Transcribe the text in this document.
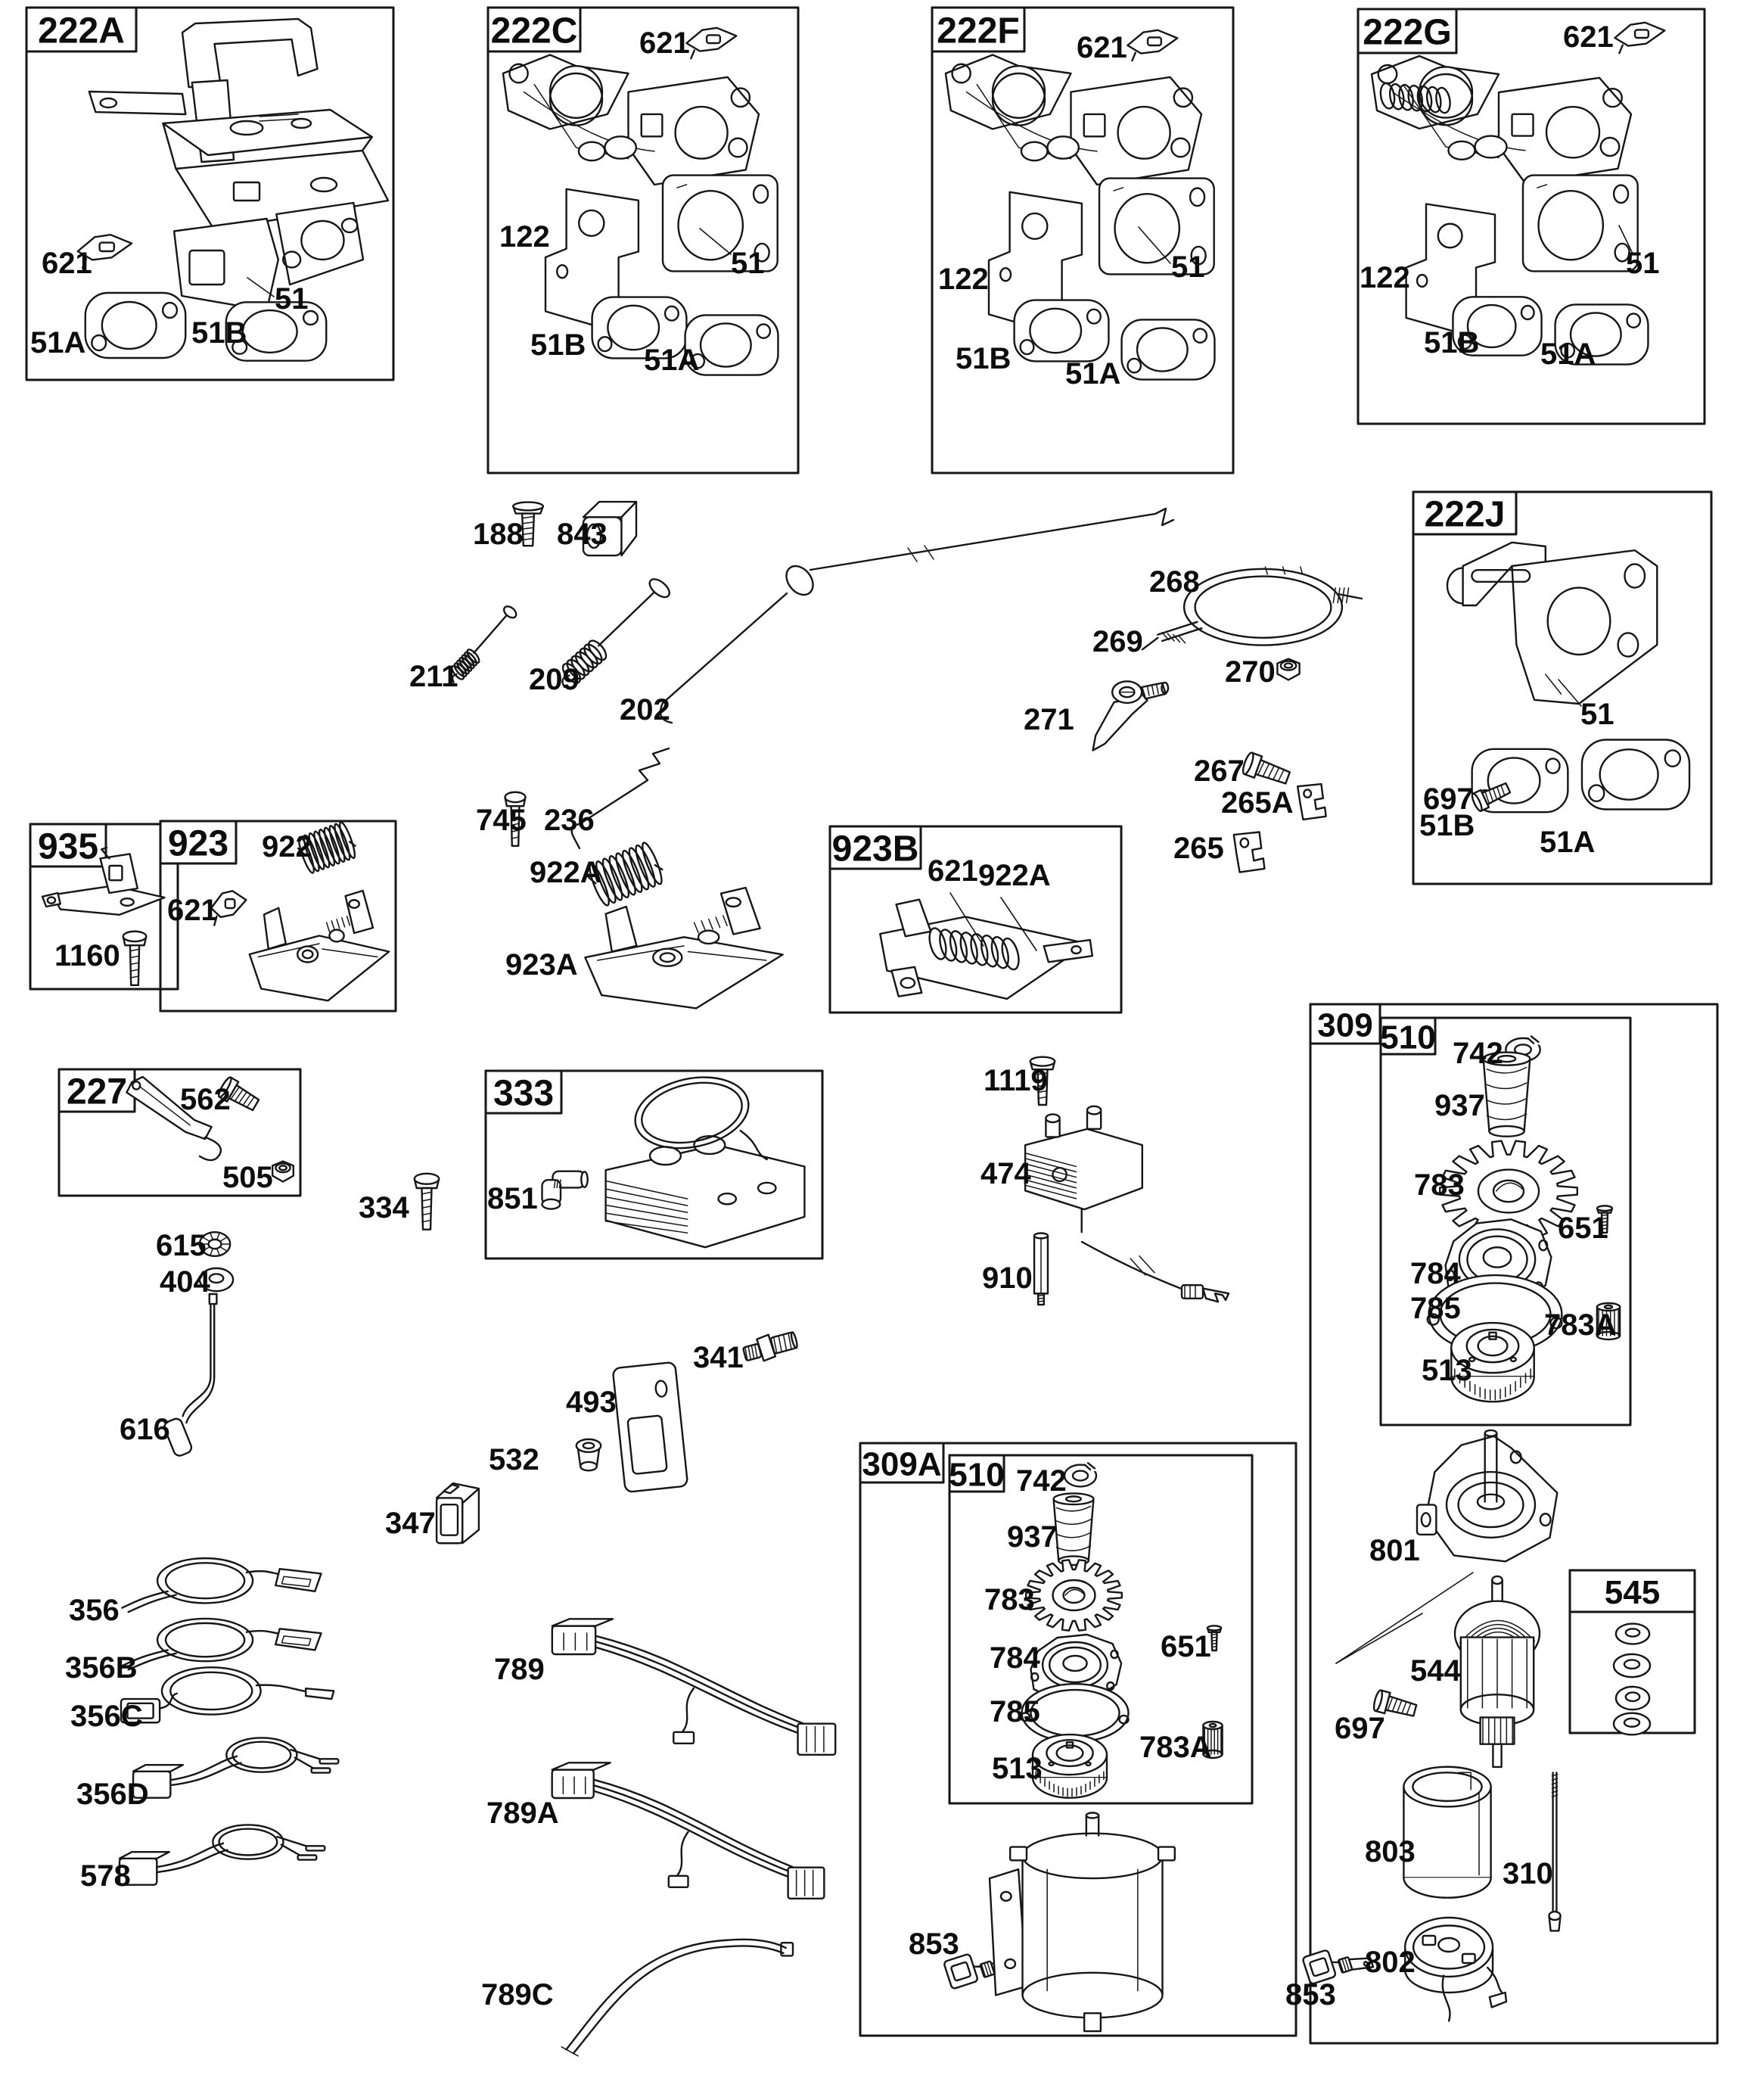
222A	222C	222F	222G
222J
935 923	923B
227	333
309 510
309A 510
545
621
51
51A	51B
621
122
51
51B 51A
621
122	51
51B 51A
621
122	51
51B 51A
51
51B 51A
188 843
211 209
202
268
269
270
271
267
265A
265
697
745 236
1160
922
621
922A
923A
621 922A
562
505
334	851
615
404
616
341
493
532
347
1119
474
910
742
937
783
651
784
785	783A
513
801
544
697
803
310
802
853
742
937
783
651
784
785
783A
513
853
356
356B
356C
356D
578
789
789A
789C
